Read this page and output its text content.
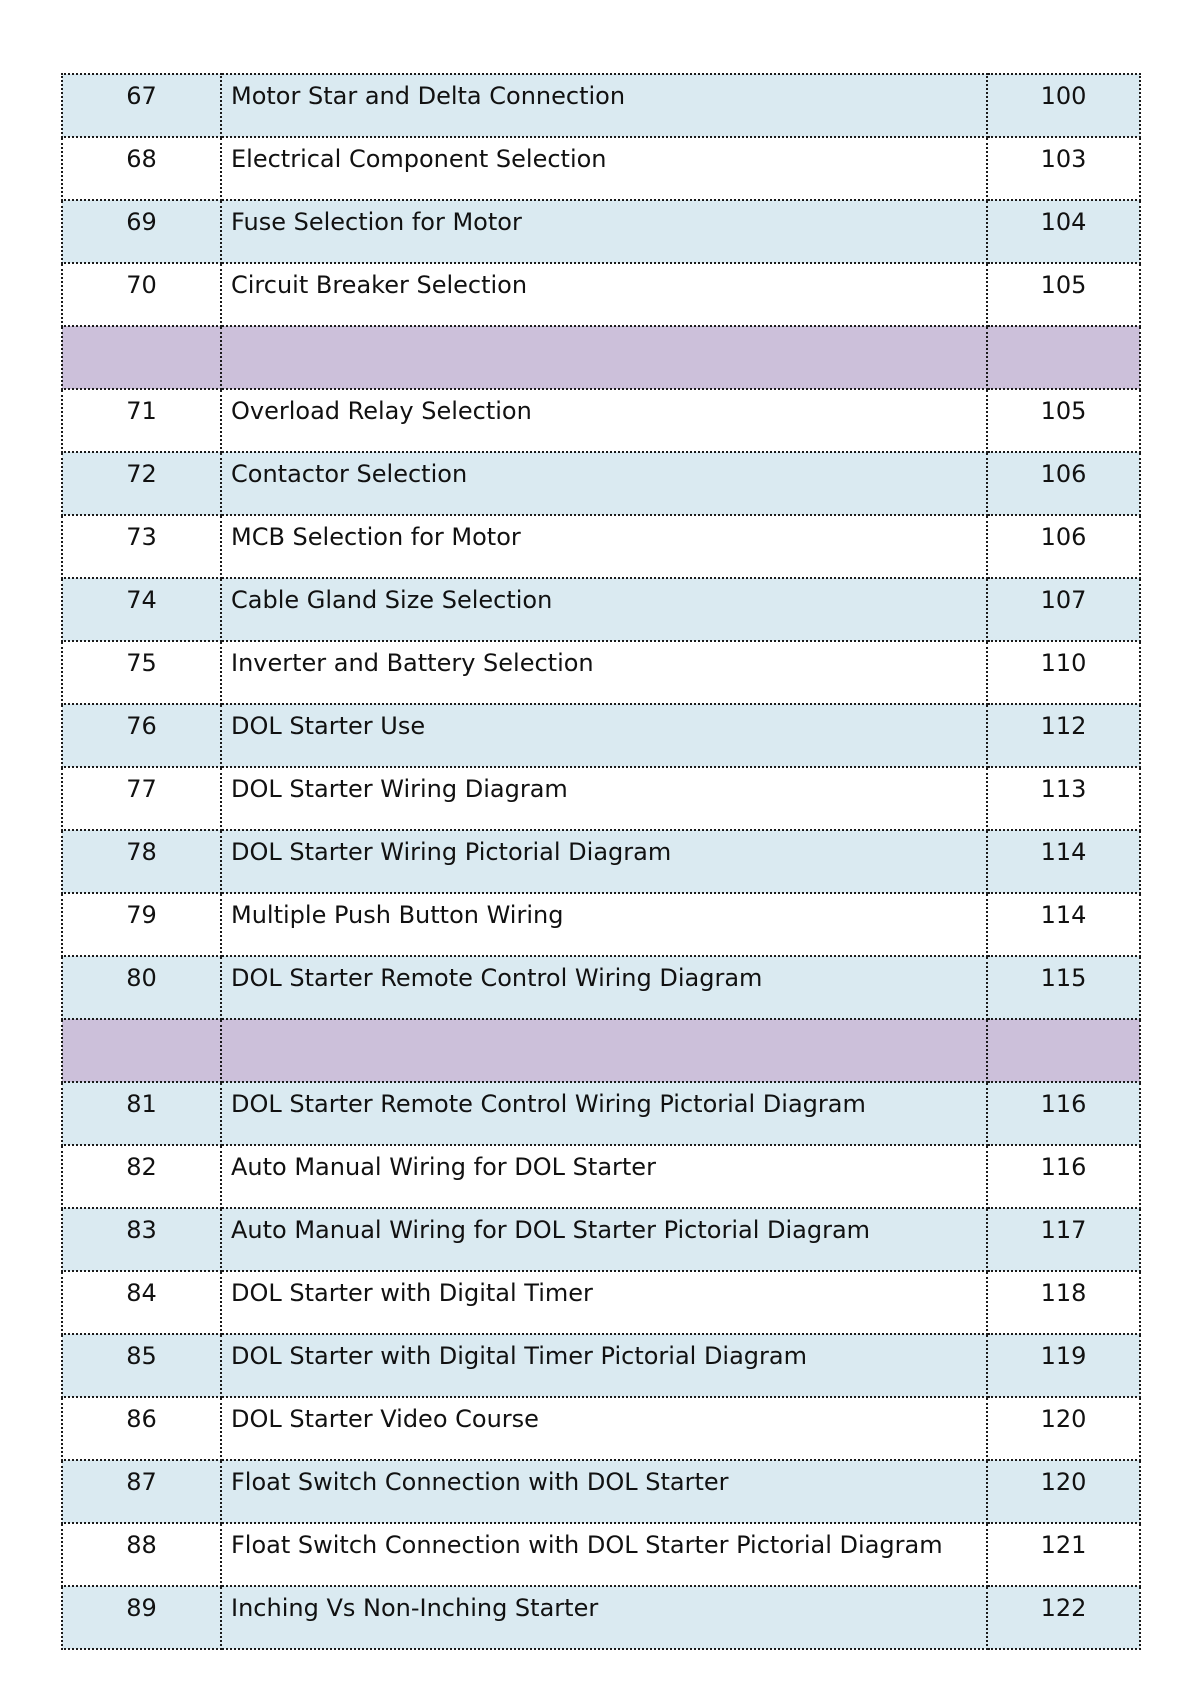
67	Motor Star and Delta Connection	100

68	Electrical Component Selection	103

69	Fuse Selection for Motor	104

70	Circuit Breaker Selection	105

71	Overload Relay Selection	105

72	Contactor Selection	106

73	MCB Selection for Motor	106

74	Cable Gland Size Selection	107

75	Inverter and Battery Selection	110

76	DOL Starter Use	112

77	DOL Starter Wiring Diagram	113

78	DOL Starter Wiring Pictorial Diagram	114

79	Multiple Push Button Wiring	114

80	DOL Starter Remote Control Wiring Diagram	115

81	DOL Starter Remote Control Wiring Pictorial Diagram	116

82	Auto Manual Wiring for DOL Starter	116

83	Auto Manual Wiring for DOL Starter Pictorial Diagram	117

84	DOL Starter with Digital Timer	118

85	DOL Starter with Digital Timer Pictorial Diagram	119

86	DOL Starter Video Course	120

87	Float Switch Connection with DOL Starter	120

88	Float Switch Connection with DOL Starter Pictorial Diagram	121

89	Inching Vs Non-Inching Starter	122
